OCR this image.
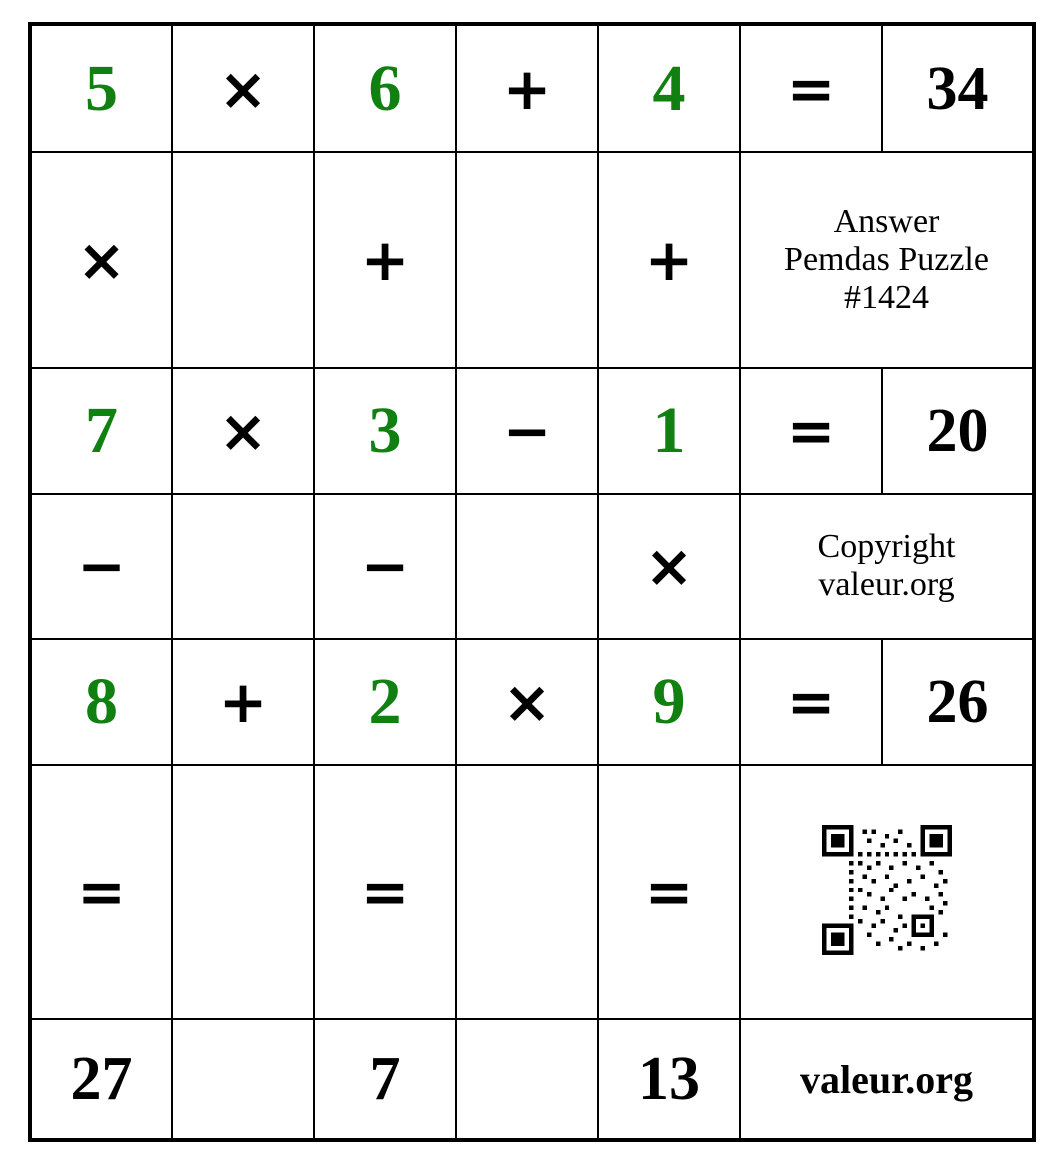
5	×	6	+	4	=	34
×		+		+	Answer
Pemdas Puzzle
#1424	

7	×	3	−	1	=	20
−		−		×	Copyright
valeur.org	

8	+	2	×	9	=	26
=		=		=	
27		7		13	valeur.org	
